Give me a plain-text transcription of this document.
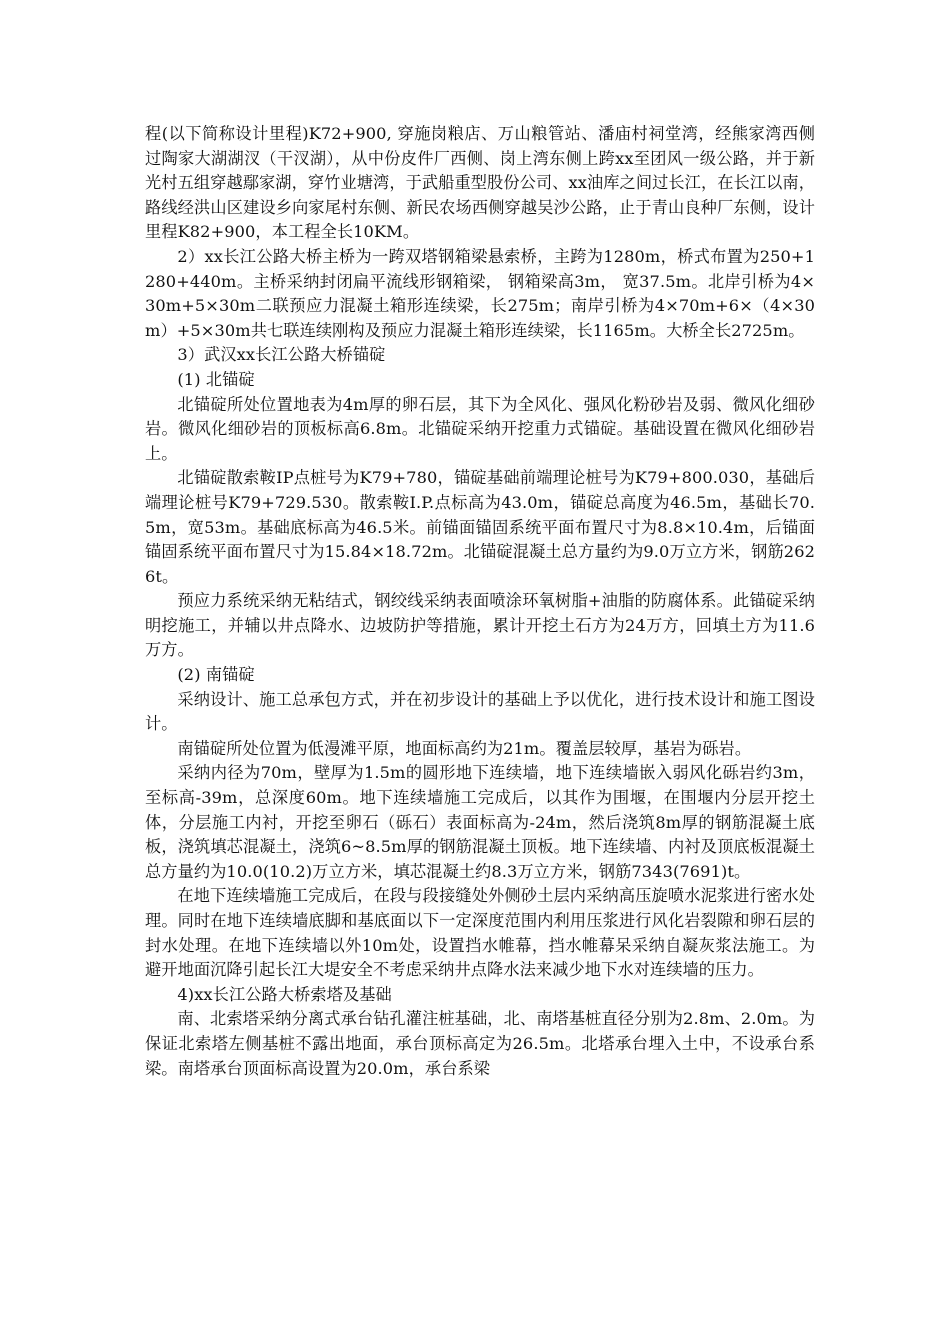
程(以下简称设计里程)K72+900, 穿施岗粮店、万山粮管站、潘庙村祠堂湾，经熊家湾西侧过陶家大湖湖汊（干汊湖），从中份皮件厂西侧、岗上湾东侧上跨xx至团风一级公路，并于新光村五组穿越鄢家湖，穿竹业塘湾，于武船重型股份公司、xx油库之间过长江，在长江以南，路线经洪山区建设乡向家尾村东侧、新民农场西侧穿越吴沙公路，止于青山良种厂东侧，设计里程K82+900，本工程全长10KM。

2）xx长江公路大桥主桥为一跨双塔钢箱梁悬索桥，主跨为1280m，桥式布置为250+1280+440m。主桥采纳封闭扁平流线形钢箱梁， 钢箱梁高3m， 宽37.5m。北岸引桥为4×30m+5×30m二联预应力混凝土箱形连续梁，长275m；南岸引桥为4×70m+6×（4×30m）+5×30m共七联连续刚构及预应力混凝土箱形连续梁，长1165m。大桥全长2725m。

3）武汉xx长江公路大桥锚碇

(1) 北锚碇

北锚碇所处位置地表为4m厚的卵石层，其下为全风化、强风化粉砂岩及弱、微风化细砂岩。微风化细砂岩的顶板标高6.8m。北锚碇采纳开挖重力式锚碇。基础设置在微风化细砂岩上。

北锚碇散索鞍IP点桩号为K79+780，锚碇基础前端理论桩号为K79+800.030，基础后端理论桩号K79+729.530。散索鞍I.P.点标高为43.0m，锚碇总高度为46.5m，基础长70.5m，宽53m。基础底标高为46.5米。前锚面锚固系统平面布置尺寸为8.8×10.4m，后锚面锚固系统平面布置尺寸为15.84×18.72m。北锚碇混凝土总方量约为9.0万立方米，钢筋2626t。

预应力系统采纳无粘结式，钢绞线采纳表面喷涂环氧树脂+油脂的防腐体系。此锚碇采纳明挖施工，并辅以井点降水、边坡防护等措施，累计开挖土石方为24万方，回填土方为11.6万方。

(2) 南锚碇

采纳设计、施工总承包方式，并在初步设计的基础上予以优化，进行技术设计和施工图设计。

南锚碇所处位置为低漫滩平原，地面标高约为21m。覆盖层较厚，基岩为砾岩。

采纳内径为70m，壁厚为1.5m的圆形地下连续墙，地下连续墙嵌入弱风化砾岩约3m，至标高-39m，总深度60m。地下连续墙施工完成后，以其作为围堰，在围堰内分层开挖土体，分层施工内衬，开挖至卵石（砾石）表面标高为-24m，然后浇筑8m厚的钢筋混凝土底板，浇筑填芯混凝土，浇筑6~8.5m厚的钢筋混凝土顶板。地下连续墙、内衬及顶底板混凝土总方量约为10.0(10.2)万立方米，填芯混凝土约8.3万立方米，钢筋7343(7691)t。

在地下连续墙施工完成后，在段与段接缝处外侧砂土层内采纳高压旋喷水泥浆进行密水处理。同时在地下连续墙底脚和基底面以下一定深度范围内利用压浆进行风化岩裂隙和卵石层的封水处理。在地下连续墙以外10m处，设置挡水帷幕，挡水帷幕呆采纳自凝灰浆法施工。为避开地面沉降引起长江大堤安全不考虑采纳井点降水法来减少地下水对连续墙的压力。

4)xx长江公路大桥索塔及基础

南、北索塔采纳分离式承台钻孔灌注桩基础，北、南塔基桩直径分别为2.8m、2.0m。为保证北索塔左侧基桩不露出地面，承台顶标高定为26.5m。北塔承台埋入土中，不设承台系梁。南塔承台顶面标高设置为20.0m，承台系梁
